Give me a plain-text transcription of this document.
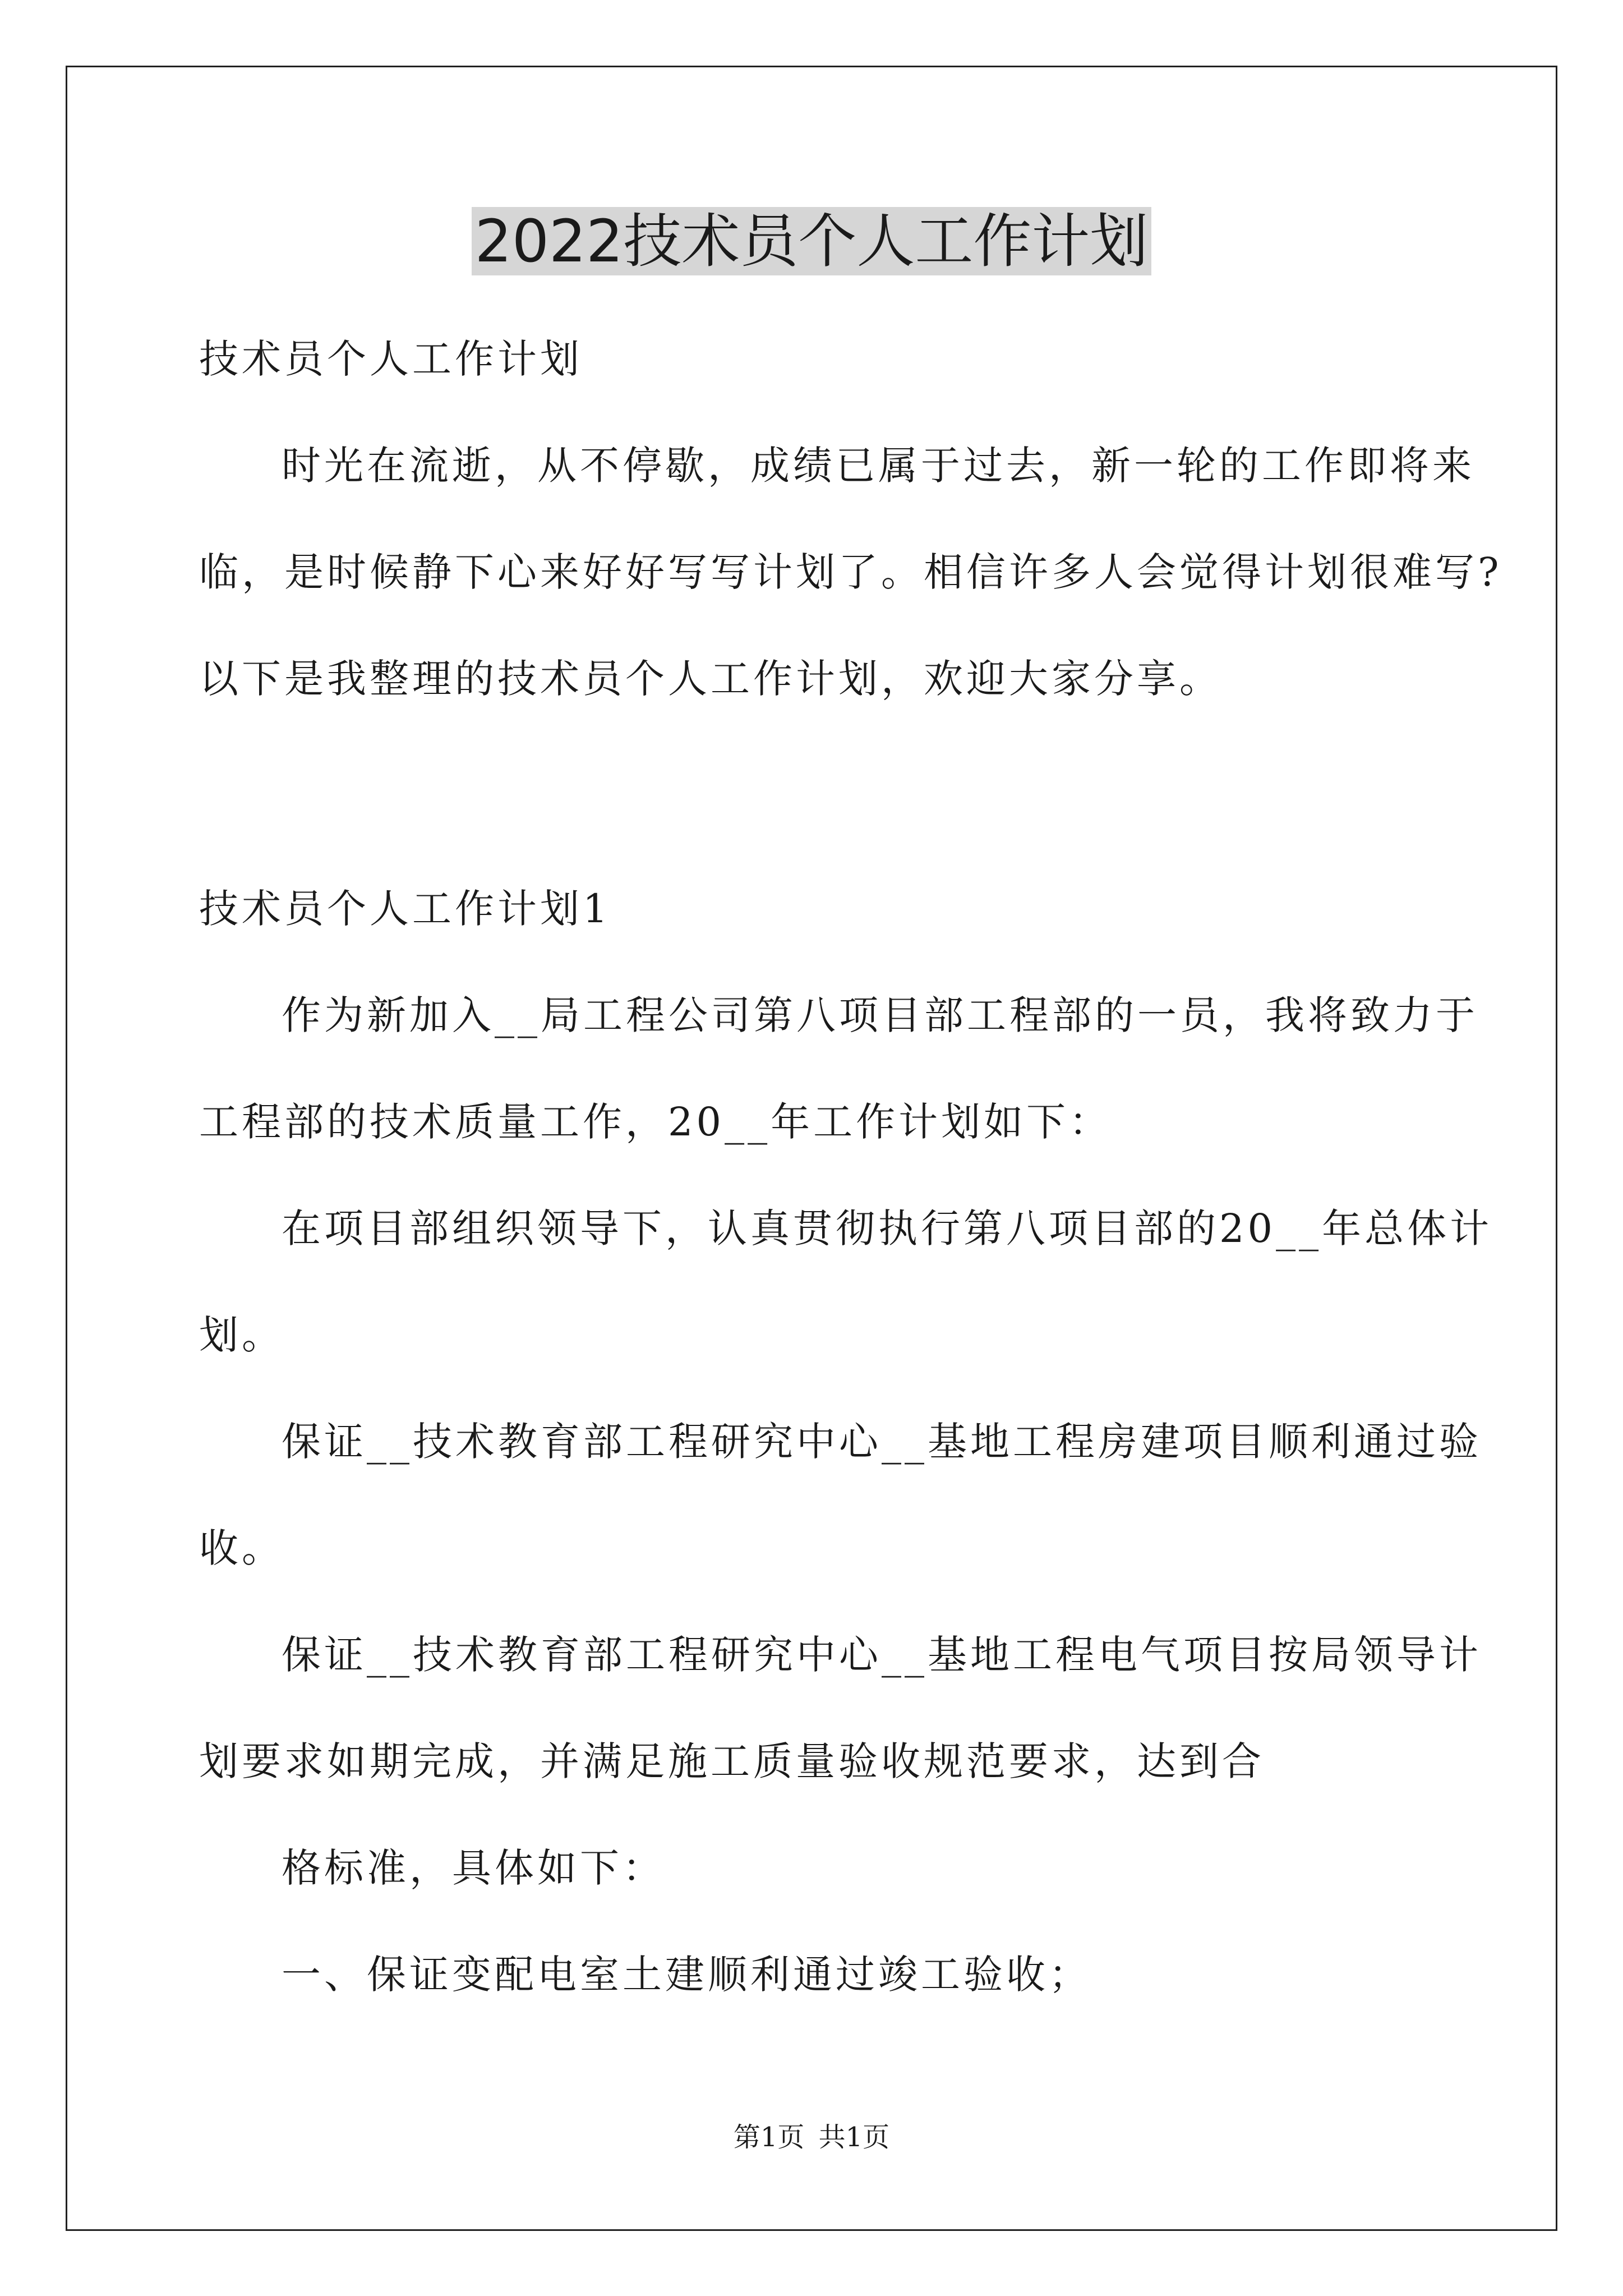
2022技术员个人工作计划
技术员个人工作计划
时光在流逝，从不停歇，成绩已属于过去，新一轮的工作即将来
临，是时候静下心来好好写写计划了。相信许多人会觉得计划很难写?
以下是我整理的技术员个人工作计划，欢迎大家分享。
技术员个人工作计划1
作为新加入__局工程公司第八项目部工程部的一员，我将致力于
工程部的技术质量工作，20__年工作计划如下：
在项目部组织领导下，认真贯彻执行第八项目部的20__年总体计
划。
保证__技术教育部工程研究中心__基地工程房建项目顺利通过验
收。
保证__技术教育部工程研究中心__基地工程电气项目按局领导计
划要求如期完成，并满足施工质量验收规范要求，达到合
格标准，具体如下：
一、保证变配电室土建顺利通过竣工验收；
第1页 共1页
